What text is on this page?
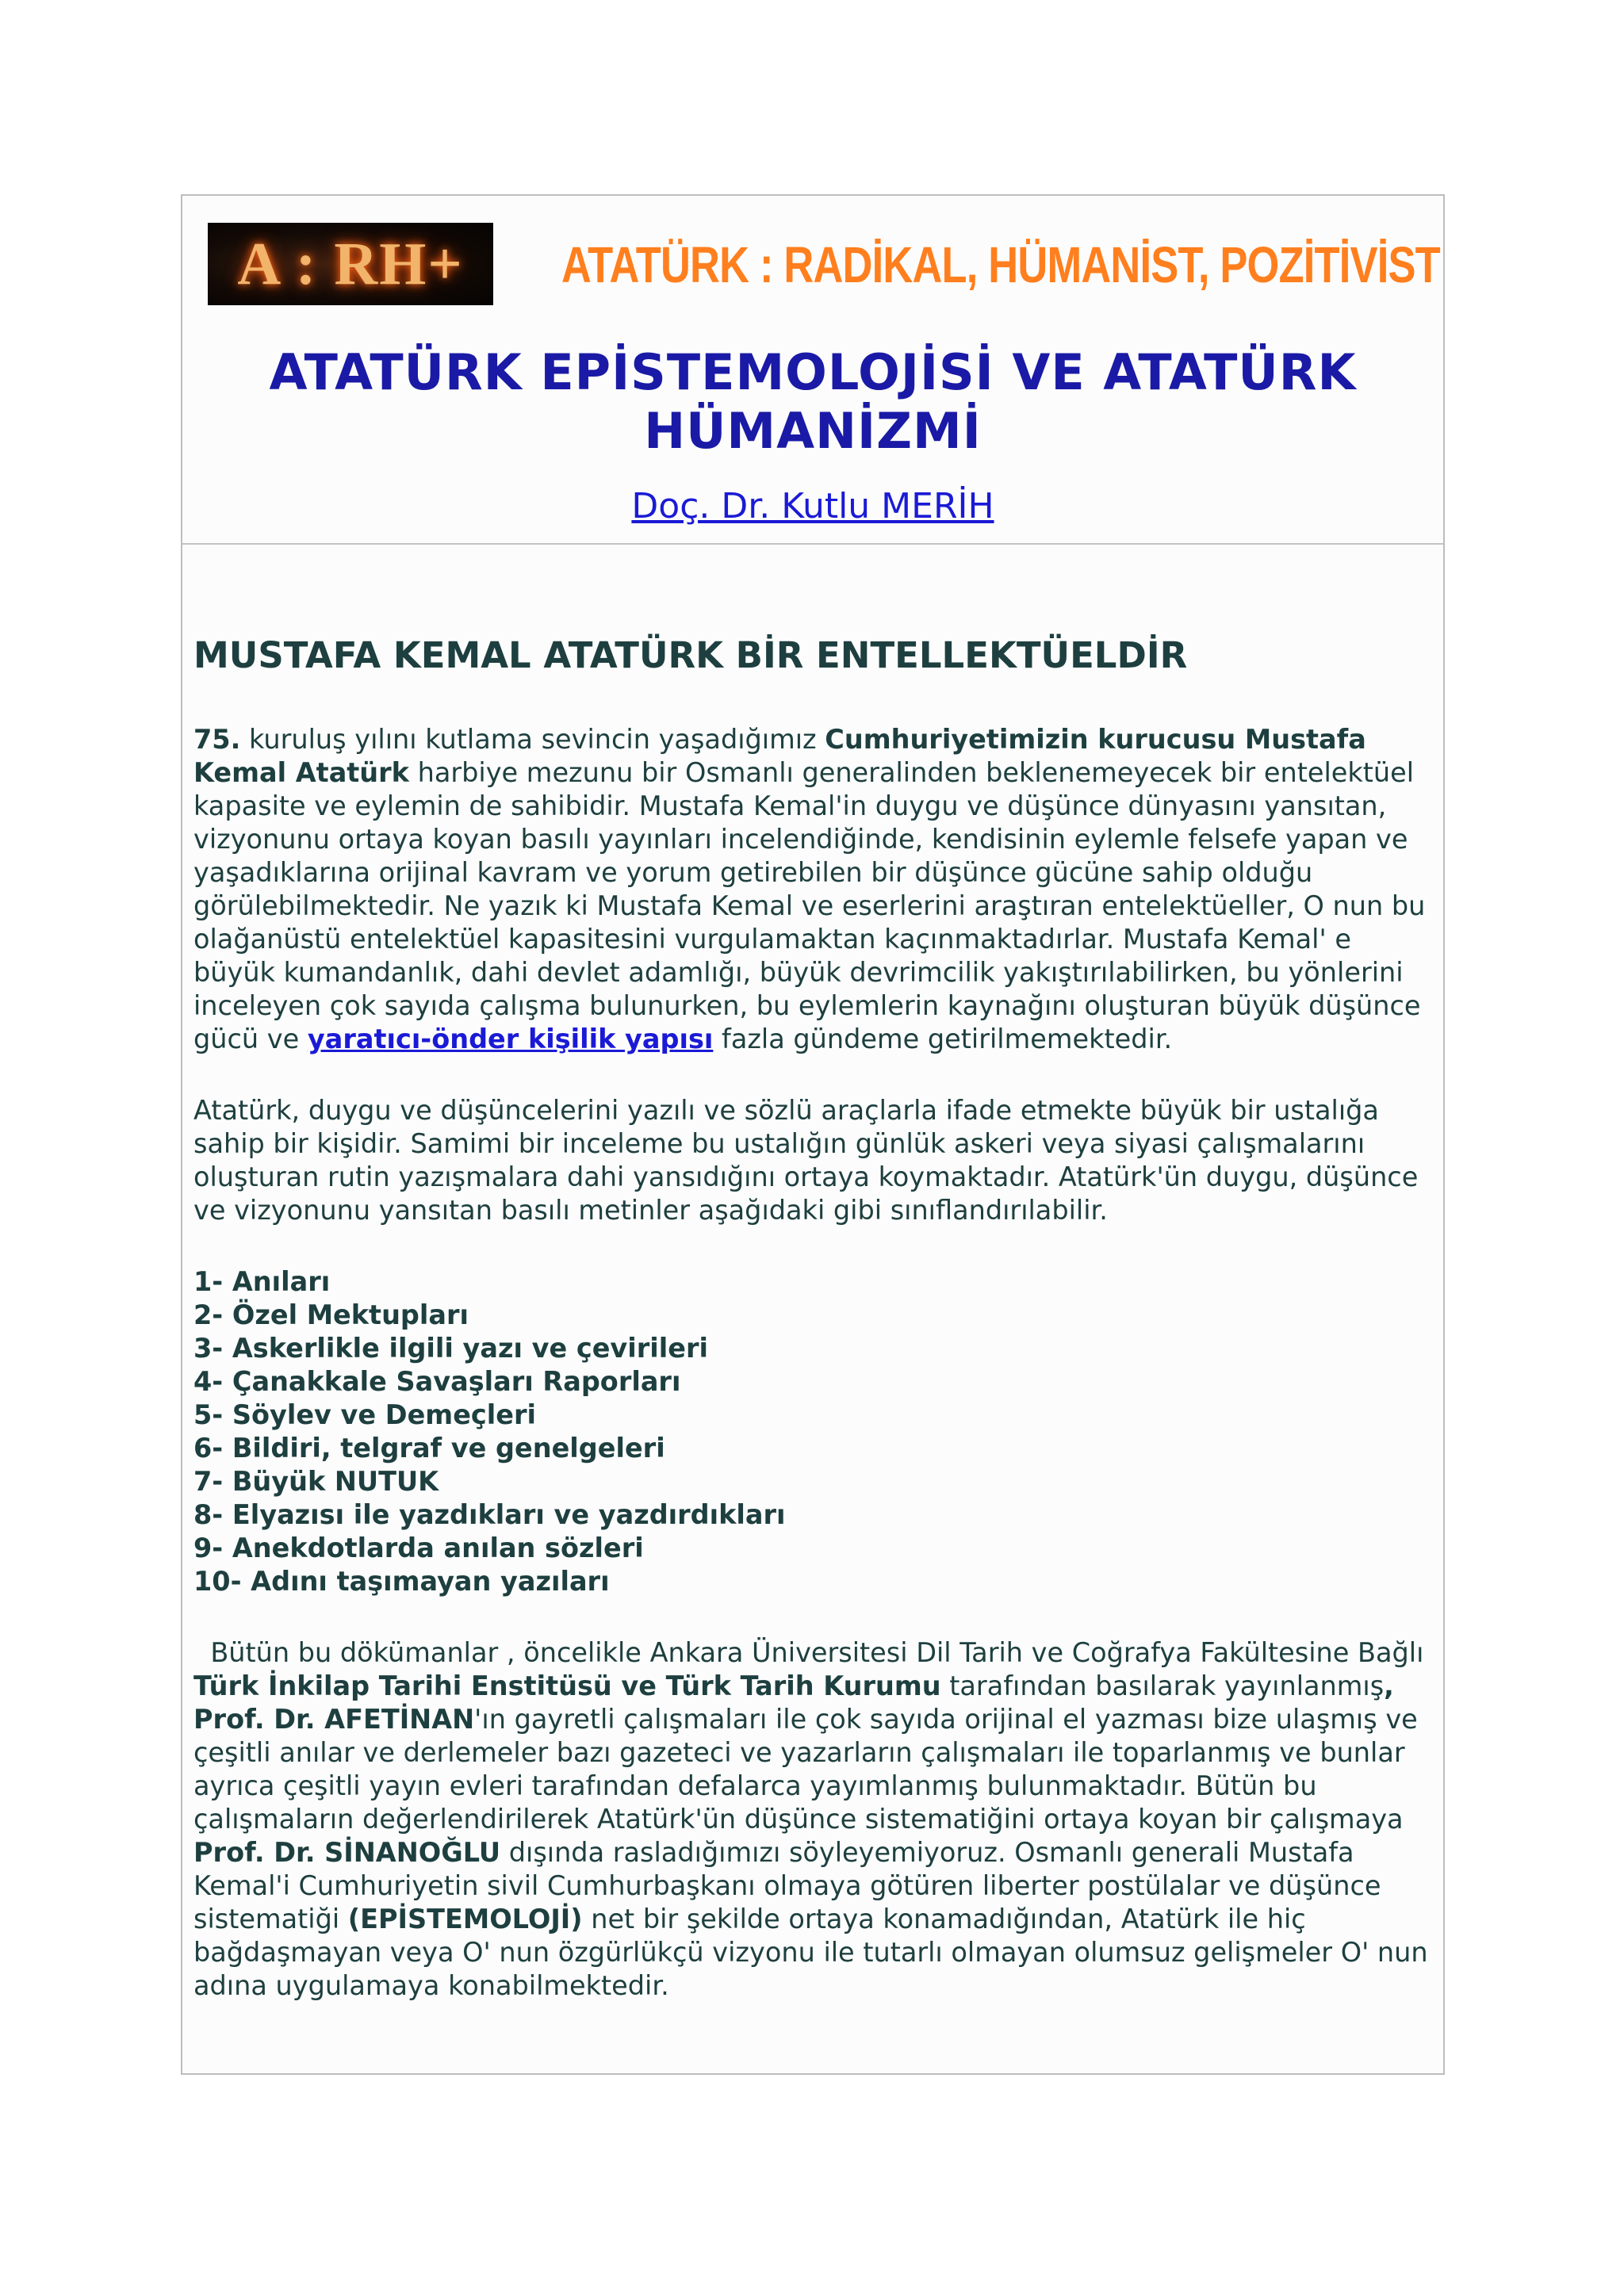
A : RH+ ATATÜRK : RADİKAL, HÜMANİST, POZİTİVİST
ATATÜRK EPİSTEMOLOJİSİ VE ATATÜRK HÜMANİZMİ
Doç. Dr. Kutlu MERİH

MUSTAFA KEMAL ATATÜRK BİR ENTELLEKTÜELDİR

75. kuruluş yılını kutlama sevincin yaşadığımız Cumhuriyetimizin kurucusu Mustafa Kemal Atatürk harbiye mezunu bir Osmanlı generalinden beklenemeyecek bir entelektüel kapasite ve eylemin de sahibidir. Mustafa Kemal'in duygu ve düşünce dünyasını yansıtan, vizyonunu ortaya koyan basılı yayınları incelendiğinde, kendisinin eylemle felsefe yapan ve yaşadıklarına orijinal kavram ve yorum getirebilen bir düşünce gücüne sahip olduğu görülebilmektedir. Ne yazık ki Mustafa Kemal ve eserlerini araştıran entelektüeller, O nun bu olağanüstü entelektüel kapasitesini vurgulamaktan kaçınmaktadırlar. Mustafa Kemal' e büyük kumandanlık, dahi devlet adamlığı, büyük devrimcilik yakıştırılabilirken, bu yönlerini inceleyen çok sayıda çalışma bulunurken, bu eylemlerin kaynağını oluşturan büyük düşünce gücü ve yaratıcı-önder kişilik yapısı fazla gündeme getirilmemektedir.

Atatürk, duygu ve düşüncelerini yazılı ve sözlü araçlarla ifade etmekte büyük bir ustalığa sahip bir kişidir. Samimi bir inceleme bu ustalığın günlük askeri veya siyasi çalışmalarını oluşturan rutin yazışmalara dahi yansıdığını ortaya koymaktadır. Atatürk'ün duygu, düşünce ve vizyonunu yansıtan basılı metinler aşağıdaki gibi sınıflandırılabilir.

1- Anıları

2- Özel Mektupları

3- Askerlikle ilgili yazı ve çevirileri

4- Çanakkale Savaşları Raporları

5- Söylev ve Demeçleri

6- Bildiri, telgraf ve genelgeleri

7- Büyük NUTUK

8- Elyazısı ile yazdıkları ve yazdırdıkları

9- Anekdotlarda anılan sözleri

10- Adını taşımayan yazıları

Bütün bu dökümanlar , öncelikle Ankara Üniversitesi Dil Tarih ve Coğrafya Fakültesine Bağlı Türk İnkilap Tarihi Enstitüsü ve Türk Tarih Kurumu tarafından basılarak yayınlanmış, Prof. Dr. AFETİNAN'ın gayretli çalışmaları ile çok sayıda orijinal el yazması bize ulaşmış ve çeşitli anılar ve derlemeler bazı gazeteci ve yazarların çalışmaları ile toparlanmış ve bunlar ayrıca çeşitli yayın evleri tarafından defalarca yayımlanmış bulunmaktadır. Bütün bu çalışmaların değerlendirilerek Atatürk'ün düşünce sistematiğini ortaya koyan bir çalışmaya Prof. Dr. SİNANOĞLU dışında rasladığımızı söyleyemiyoruz. Osmanlı generali Mustafa Kemal'i Cumhuriyetin sivil Cumhurbaşkanı olmaya götüren liberter postülalar ve düşünce sistematiği (EPİSTEMOLOJİ) net bir şekilde ortaya konamadığından, Atatürk ile hiç bağdaşmayan veya O' nun özgürlükçü vizyonu ile tutarlı olmayan olumsuz gelişmeler O' nun adına uygulamaya konabilmektedir.
